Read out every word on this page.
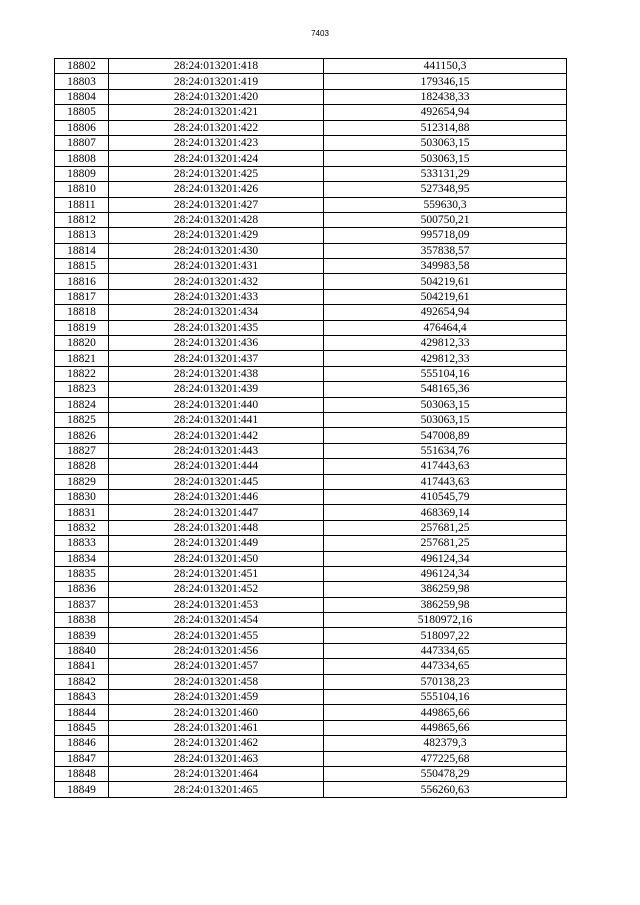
7403
18802	28:24:013201:418	441150,3
18803	28:24:013201:419	179346,15
18804	28:24:013201:420	182438,33
18805	28:24:013201:421	492654,94
18806	28:24:013201:422	512314,88
18807	28:24:013201:423	503063,15
18808	28:24:013201:424	503063,15
18809	28:24:013201:425	533131,29
18810	28:24:013201:426	527348,95
18811	28:24:013201:427	559630,3
18812	28:24:013201:428	500750,21
18813	28:24:013201:429	995718,09
18814	28:24:013201:430	357838,57
18815	28:24:013201:431	349983,58
18816	28:24:013201:432	504219,61
18817	28:24:013201:433	504219,61
18818	28:24:013201:434	492654,94
18819	28:24:013201:435	476464,4
18820	28:24:013201:436	429812,33
18821	28:24:013201:437	429812,33
18822	28:24:013201:438	555104,16
18823	28:24:013201:439	548165,36
18824	28:24:013201:440	503063,15
18825	28:24:013201:441	503063,15
18826	28:24:013201:442	547008,89
18827	28:24:013201:443	551634,76
18828	28:24:013201:444	417443,63
18829	28:24:013201:445	417443,63
18830	28:24:013201:446	410545,79
18831	28:24:013201:447	468369,14
18832	28:24:013201:448	257681,25
18833	28:24:013201:449	257681,25
18834	28:24:013201:450	496124,34
18835	28:24:013201:451	496124,34
18836	28:24:013201:452	386259,98
18837	28:24:013201:453	386259,98
18838	28:24:013201:454	5180972,16
18839	28:24:013201:455	518097,22
18840	28:24:013201:456	447334,65
18841	28:24:013201:457	447334,65
18842	28:24:013201:458	570138,23
18843	28:24:013201:459	555104,16
18844	28:24:013201:460	449865,66
18845	28:24:013201:461	449865,66
18846	28:24:013201:462	482379,3
18847	28:24:013201:463	477225,68
18848	28:24:013201:464	550478,29
18849	28:24:013201:465	556260,63
